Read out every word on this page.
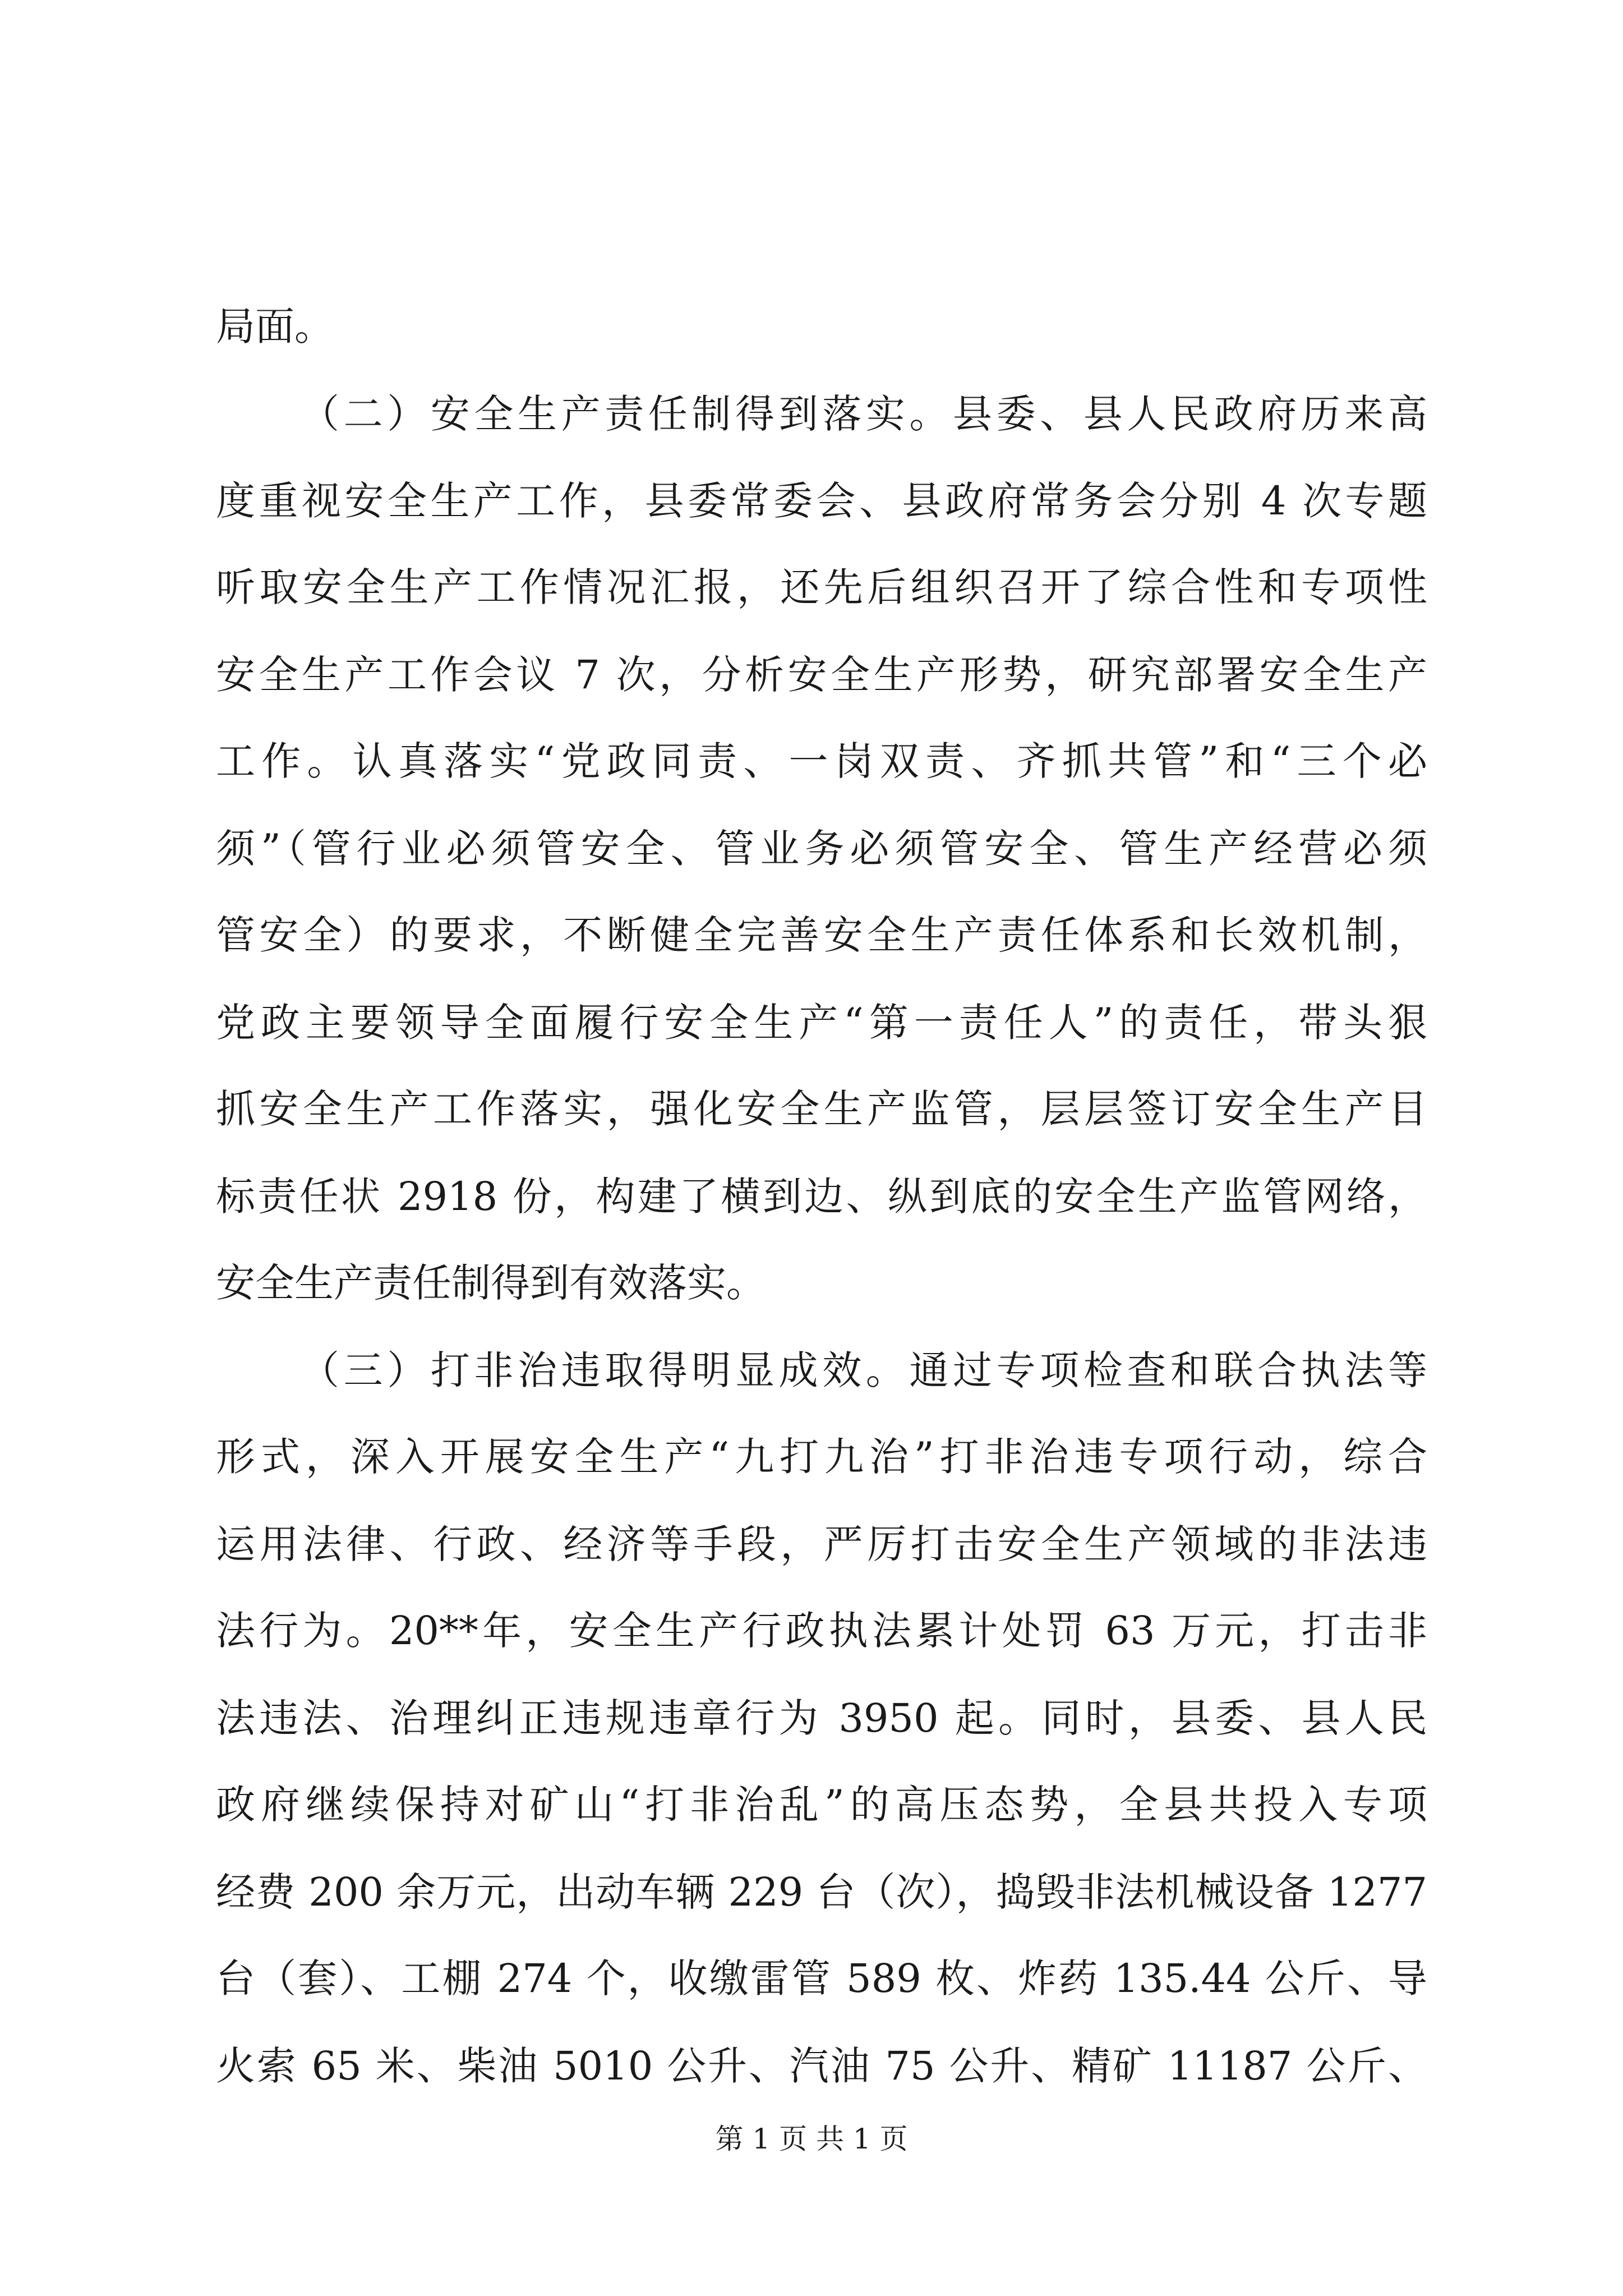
局面。
（二）安全生产责任制得到落实。县委、县人民政府历来高
度重视安全生产工作，县委常委会、县政府常务会分别 4 次专题
听取安全生产工作情况汇报，还先后组织召开了综合性和专项性
安全生产工作会议 7 次，分析安全生产形势，研究部署安全生产
工作。认真落实“党政同责、一岗双责、齐抓共管”和“三个必
须”（管行业必须管安全、管业务必须管安全、管生产经营必须
管安全）的要求，不断健全完善安全生产责任体系和长效机制，
党政主要领导全面履行安全生产“第一责任人”的责任，带头狠
抓安全生产工作落实，强化安全生产监管，层层签订安全生产目
标责任状 2918 份，构建了横到边、纵到底的安全生产监管网络，
安全生产责任制得到有效落实。
（三）打非治违取得明显成效。通过专项检查和联合执法等
形式，深入开展安全生产“九打九治”打非治违专项行动，综合
运用法律、行政、经济等手段，严厉打击安全生产领域的非法违
法行为。20**年，安全生产行政执法累计处罚 63 万元，打击非
法违法、治理纠正违规违章行为 3950 起。同时，县委、县人民
政府继续保持对矿山“打非治乱”的高压态势，全县共投入专项
经费 200 余万元，出动车辆 229 台（次），捣毁非法机械设备 1277
台（套）、工棚 274 个，收缴雷管 589 枚、炸药 135.44 公斤、导
火索 65 米、柴油 5010 公升、汽油 75 公升、精矿 11187 公斤、
第 1 页 共 1 页
